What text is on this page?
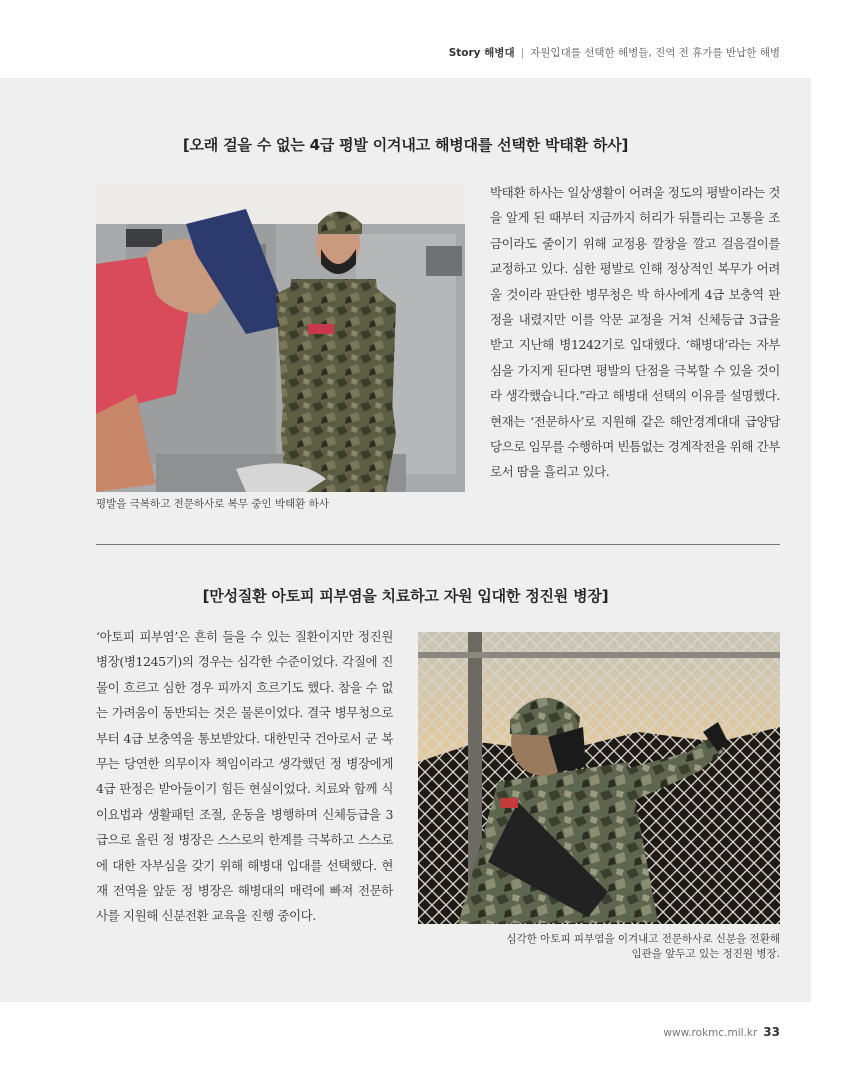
Story 해병대 | 자원입대를 선택한 해병들, 진역 전 휴가를 반납한 해병
[오래 걸을 수 없는 4급 평발 이겨내고 해병대를 선택한 박태환 하사]
평발을 극복하고 전문하사로 복무 중인 박태환 하사
박태환 하사는 일상생활이 어려울 정도의 평발이라는 것을 알게 된 때부터 지금까지 허리가 뒤틀리는 고통을 조금이라도 줄이기 위해 교정용 깔창을 깔고 걸음걸이를 교정하고 있다. 심한 평발로 인해 정상적인 복무가 어려울 것이라 판단한 병무청은 박 하사에게 4급 보충역 판정을 내렸지만 이를 악문 교정을 거쳐 신체등급 3급을 받고 지난해 병1242기로 입대했다. ‘해병대’라는 자부심을 가지게 된다면 평발의 단점을 극복할 수 있을 것이라 생각했습니다.”라고 해병대 선택의 이유를 설명했다. 현재는 ‘전문하사’로 지원해 같은 해안경계대대 급양담당으로 임무를 수행하며 빈틈없는 경계작전을 위해 간부로서 땀을 흘리고 있다.
[만성질환 아토피 피부염을 치료하고 자원 입대한 정진원 병장]
‘아토피 피부염’은 흔히 들을 수 있는 질환이지만 정진원 병장(병1245기)의 경우는 심각한 수준이었다. 각질에 진물이 흐르고 심한 경우 피까지 흐르기도 했다. 참을 수 없는 가려움이 동반되는 것은 물론이었다. 결국 병무청으로부터 4급 보충역을 통보받았다. 대한민국 건아로서 군 복무는 당연한 의무이자 책임이라고 생각했던 정 병장에게 4급 판정은 받아들이기 힘든 현실이었다. 치료와 함께 식이요법과 생활패턴 조절, 운동을 병행하며 신체등급을 3급으로 올린 정 병장은 스스로의 한계를 극복하고 스스로에 대한 자부심을 갖기 위해 해병대 입대를 선택했다. 현재 전역을 앞둔 정 병장은 해병대의 매력에 빠져 전문하사를 지원해 신분전환 교육을 진행 중이다.
심각한 아토피 피부염을 이겨내고 전문하사로 신분을 전환해
임관을 앞두고 있는 정진원 병장.
www.rokmc.mil.kr 33
